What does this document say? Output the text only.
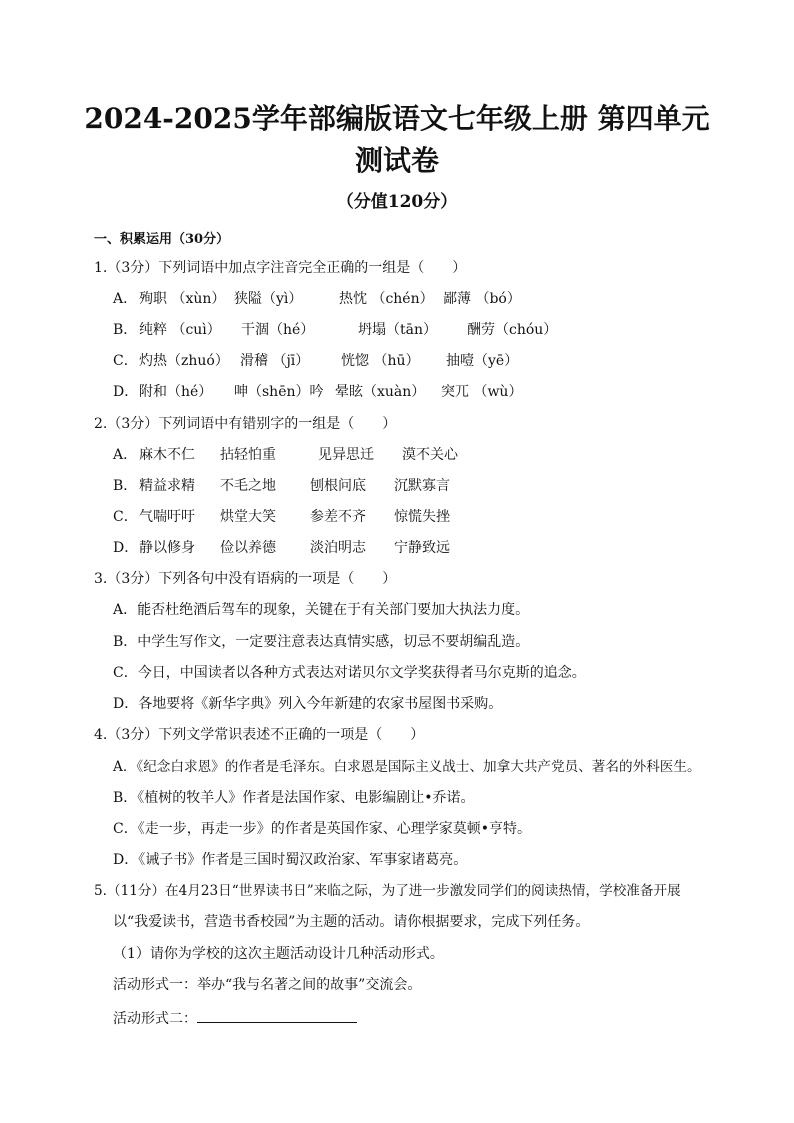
2024-2025学年部编版语文七年级上册 第四单元
测试卷
（分值120分）
一、积累运用（30分）
1.（3分）下列词语中加点字注音完全正确的一组是（　　）
A． 殉职 （xùn） 狭隘（yì）	热忱 （chén） 鄙薄 （bó）
B． 纯粹 （cuì） 干涸（hé）	坍塌（tān） 酬劳（chóu）
C． 灼热（zhuó） 滑稽 （jī） 恍惚 （hū） 抽噎（yē）
D． 附和（hé） 呻（shēn）吟 晕眩（xuàn） 突兀 （wù）
2.（3分）下列词语中有错别字的一组是（　　）
A． 麻木不仁 拈轻怕重	见异思迁 漠不关心
B． 精益求精 不毛之地 刨根问底 沉默寡言
C． 气喘吁吁 烘堂大笑 参差不齐 惊慌失挫
D． 静以修身 俭以养德 淡泊明志 宁静致远
3.（3分）下列各句中没有语病的一项是（　　）
A．能否杜绝酒后驾车的现象，关键在于有关部门要加大执法力度。
B．中学生写作文，一定要注意表达真情实感，切忌不要胡编乱造。
C．今日，中国读者以各种方式表达对诺贝尔文学奖获得者马尔克斯的追念。
D．各地要将《新华字典》列入今年新建的农家书屋图书采购。
4.（3分）下列文学常识表述不正确的一项是（　　）
A．《纪念白求恩》的作者是毛泽东。白求恩是国际主义战士、加拿大共产党员、著名的外科医生。
B．《植树的牧羊人》作者是法国作家、电影编剧让•乔诺。
C．《走一步，再走一步》的作者是英国作家、心理学家莫顿•亨特。
D．《诫子书》作者是三国时蜀汉政治家、军事家诸葛亮。
5.（11分）在4月23日“世界读书日”来临之际，为了进一步激发同学们的阅读热情，学校准备开展
以“我爱读书，营造书香校园”为主题的活动。请你根据要求，完成下列任务。
（1）请你为学校的这次主题活动设计几种活动形式。
活动形式一：举办“我与名著之间的故事”交流会。
活动形式二：
